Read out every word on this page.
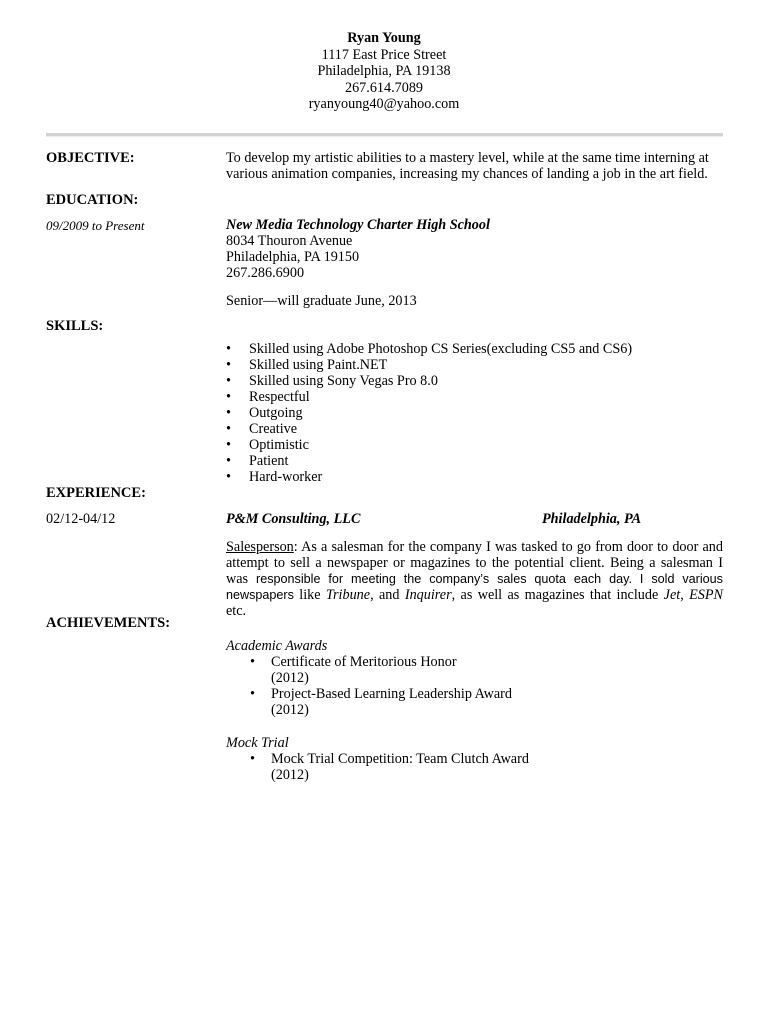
Ryan Young
1117 East Price Street
Philadelphia, PA 19138
267.614.7089
ryanyoung40@yahoo.com
OBJECTIVE:	To develop my artistic abilities to a mastery level, while at the same time interning at various animation companies, increasing my chances of landing a job in the art field.
EDUCATION:
09/2009 to Present	New Media Technology Charter High School
8034 Thouron Avenue
Philadelphia, PA 19150
267.286.6900
Senior—will graduate June, 2013
SKILLS:
• Skilled using Adobe Photoshop CS Series(excluding CS5 and CS6)
• Skilled using Paint.NET
• Skilled using Sony Vegas Pro 8.0
• Respectful
• Outgoing
• Creative
• Optimistic
• Patient
• Hard-worker
EXPERIENCE:
02/12-04/12	P&M Consulting, LLC	Philadelphia, PA
Salesperson: As a salesman for the company I was tasked to go from door to door and attempt to sell a newspaper or magazines to the potential client. Being a salesman I was responsible for meeting the company’s sales quota each day. I sold various newspapers like Tribune, and Inquirer, as well as magazines that include Jet, ESPN etc.
ACHIEVEMENTS:
Academic Awards
• Certificate of Meritorious Honor
(2012)
• Project-Based Learning Leadership Award
(2012)
Mock Trial
• Mock Trial Competition: Team Clutch Award
(2012)
